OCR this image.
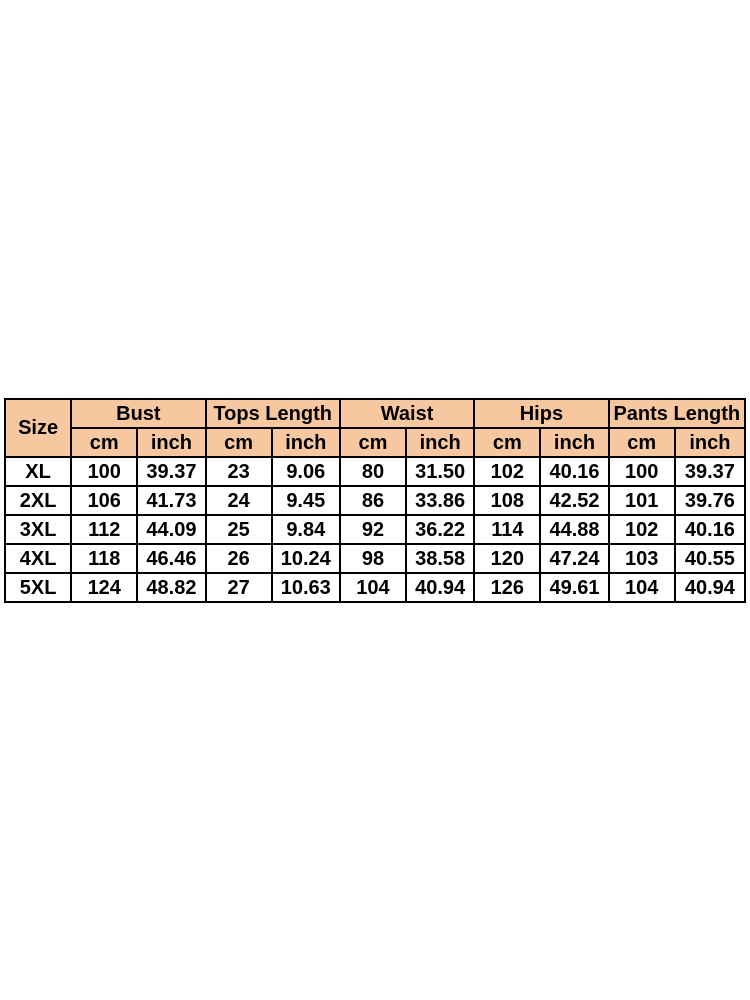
Size	Bust		Tops Length		Waist		Hips		Pants Length	
	cm	inch	cm	inch	cm	inch	cm	inch	cm	inch
XL	100	39.37	23	9.06	80	31.50	102	40.16	100	39.37
2XL	106	41.73	24	9.45	86	33.86	108	42.52	101	39.76
3XL	112	44.09	25	9.84	92	36.22	114	44.88	102	40.16
4XL	118	46.46	26	10.24	98	38.58	120	47.24	103	40.55
5XL	124	48.82	27	10.63	104	40.94	126	49.61	104	40.94
